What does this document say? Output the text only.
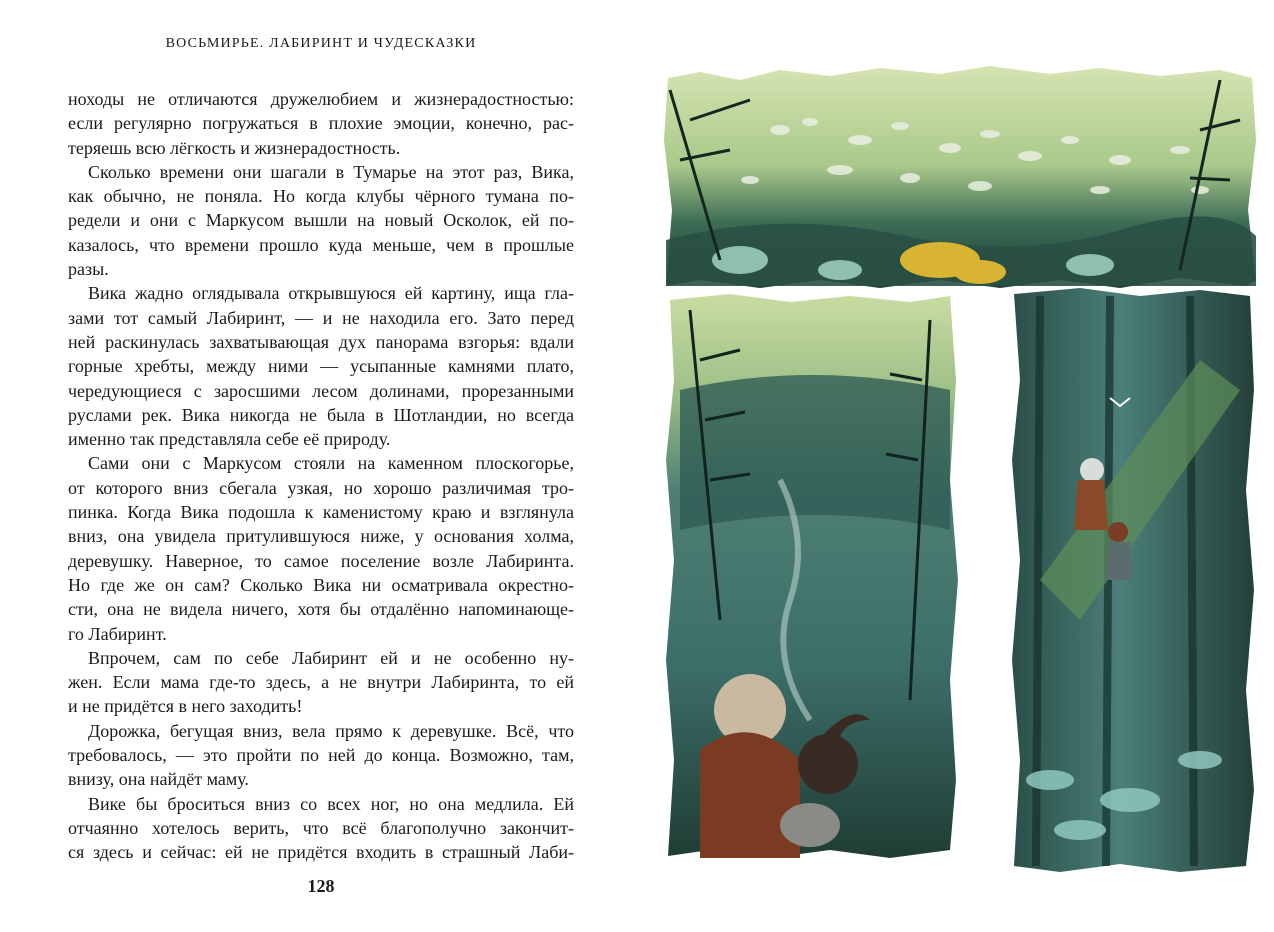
ВОСЬМИРЬЕ. ЛАБИРИНТ И ЧУДЕСКАЗКИ
ноходы не отличаются дружелюбием и жизнерадостностью:
если регулярно погружаться в плохие эмоции, конечно, рас-
теряешь всю лёгкость и жизнерадостность.
Сколько времени они шагали в Тумарье на этот раз, Вика,
как обычно, не поняла. Но когда клубы чёрного тумана по-
редели и они с Маркусом вышли на новый Осколок, ей по-
казалось, что времени прошло куда меньше, чем в прошлые
разы.
Вика жадно оглядывала открывшуюся ей картину, ища гла-
зами тот самый Лабиринт, — и не находила его. Зато перед
ней раскинулась захватывающая дух панорама взгорья: вдали
горные хребты, между ними — усыпанные камнями плато,
чередующиеся с заросшими лесом долинами, прорезанными
руслами рек. Вика никогда не была в Шотландии, но всегда
именно так представляла себе её природу.
Сами они с Маркусом стояли на каменном плоскогорье,
от которого вниз сбегала узкая, но хорошо различимая тро-
пинка. Когда Вика подошла к каменистому краю и взглянула
вниз, она увидела притулившуюся ниже, у основания холма,
деревушку. Наверное, то самое поселение возле Лабиринта.
Но где же он сам? Сколько Вика ни осматривала окрестно-
сти, она не видела ничего, хотя бы отдалённо напоминающе-
го Лабиринт.
Впрочем, сам по себе Лабиринт ей и не особенно ну-
жен. Если мама где-то здесь, а не внутри Лабиринта, то ей
и не придётся в него заходить!
Дорожка, бегущая вниз, вела прямо к деревушке. Всё, что
требовалось, — это пройти по ней до конца. Возможно, там,
внизу, она найдёт маму.
Вике бы броситься вниз со всех ног, но она медлила. Ей
отчаянно хотелось верить, что всё благополучно закончит-
ся здесь и сейчас: ей не придётся входить в страшный Лаби-
128
